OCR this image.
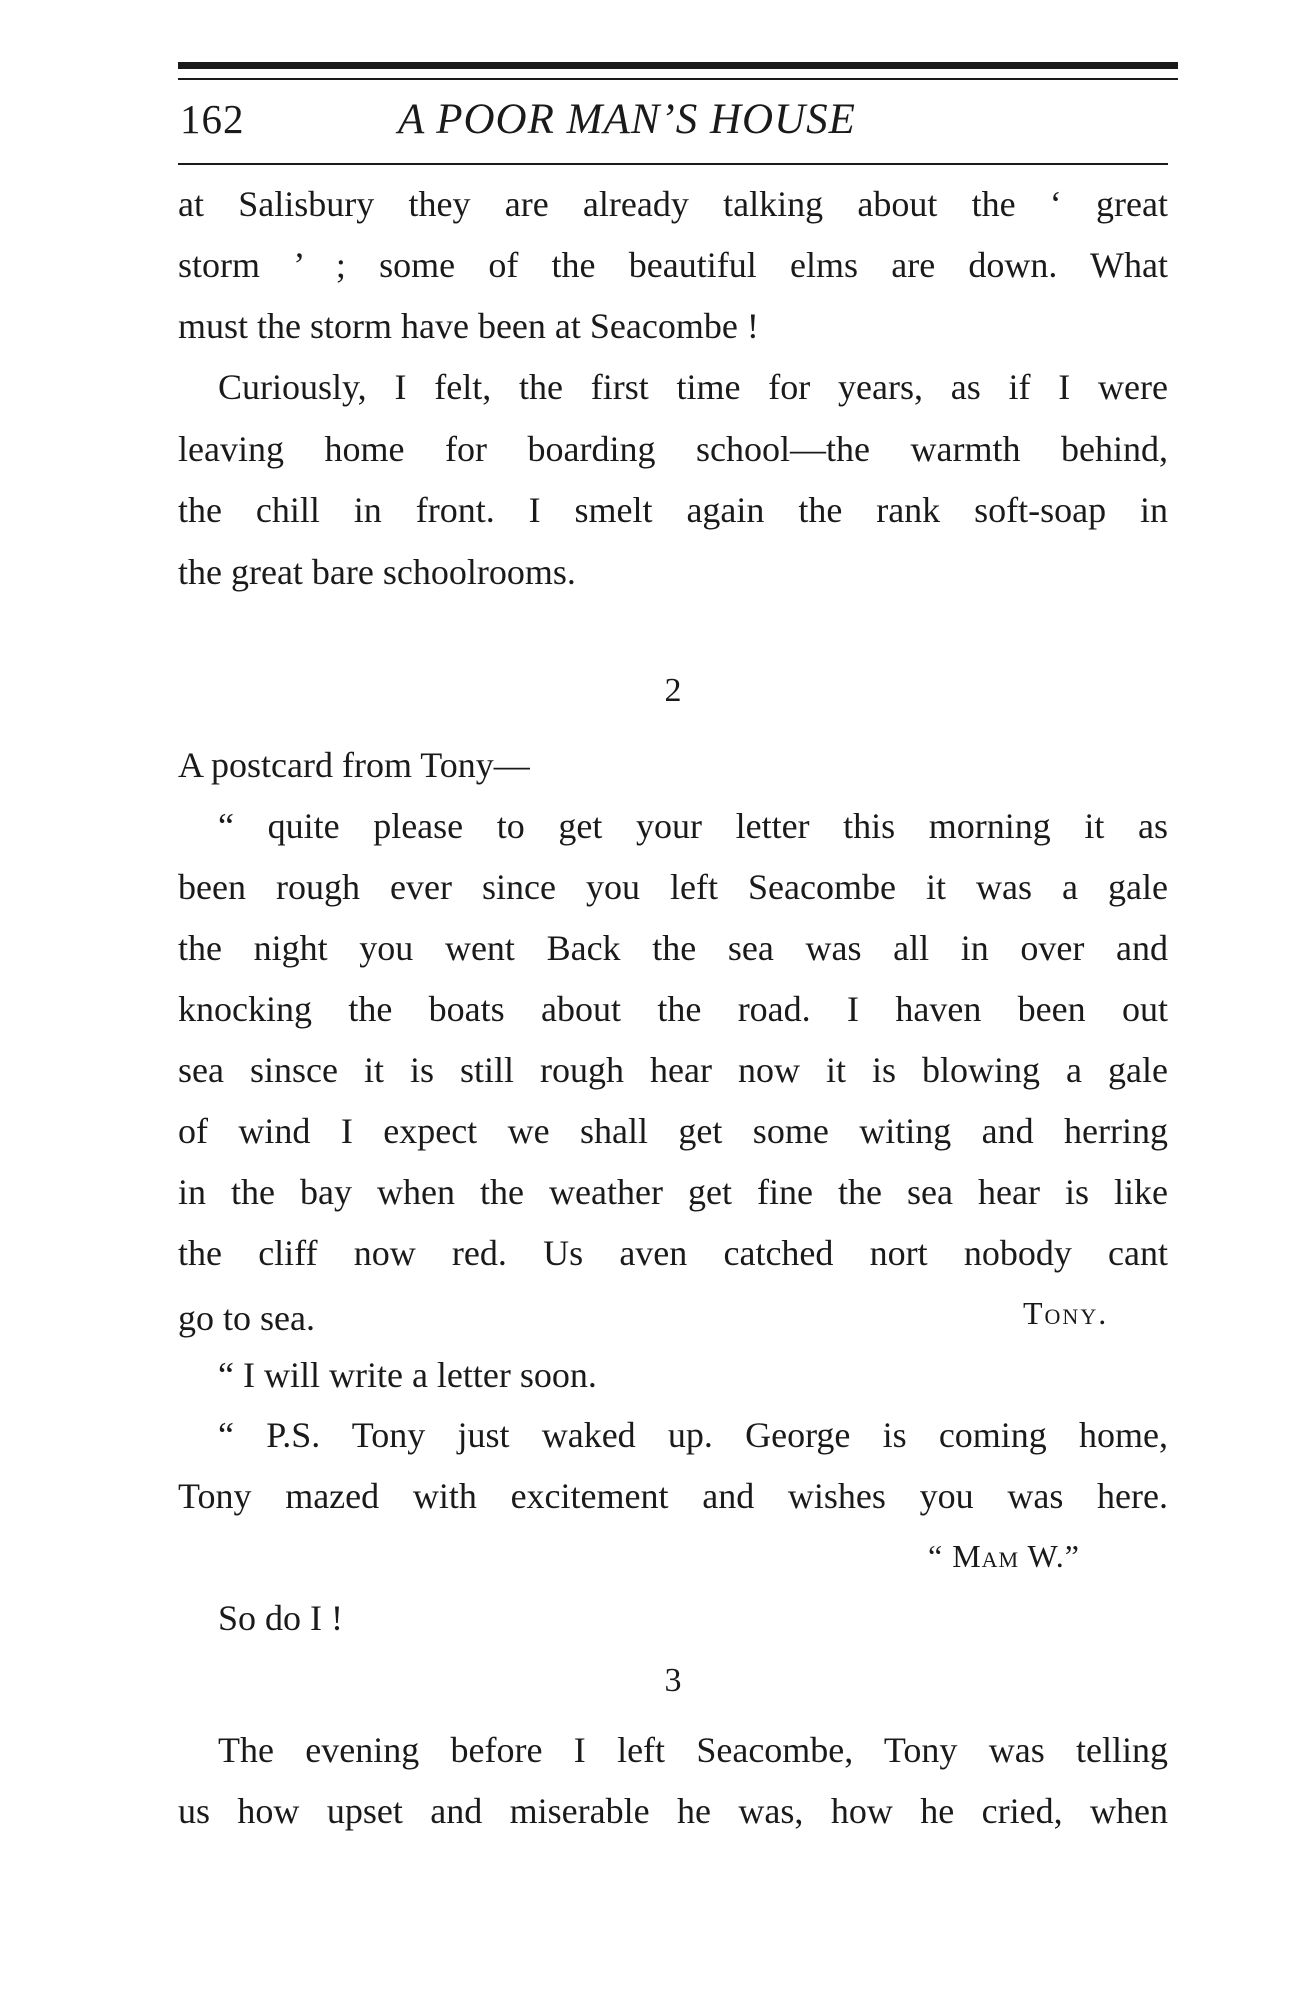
162	A POOR MAN’S HOUSE
at Salisbury they are already talking about the ‘ great
storm ’ ; some of the beautiful elms are down. What
must the storm have been at Seacombe !
Curiously, I felt, the first time for years, as if I were
leaving home for boarding school—the warmth behind,
the chill in front. I smelt again the rank soft-soap in
the great bare schoolrooms.
2
A postcard from Tony—
“ quite please to get your letter this morning it as
been rough ever since you left Seacombe it was a gale
the night you went Back the sea was all in over and
knocking the boats about the road. I haven been out
sea sinsce it is still rough hear now it is blowing a gale
of wind I expect we shall get some witing and herring
in the bay when the weather get fine the sea hear is like
the cliff now red. Us aven catched nort nobody cant
go to sea.	Tony.
“ I will write a letter soon.
“ P.S. Tony just waked up. George is coming home,
Tony mazed with excitement and wishes you was here.
“ Mam W.”
So do I !
3
The evening before I left Seacombe, Tony was telling
us how upset and miserable he was, how he cried, when
